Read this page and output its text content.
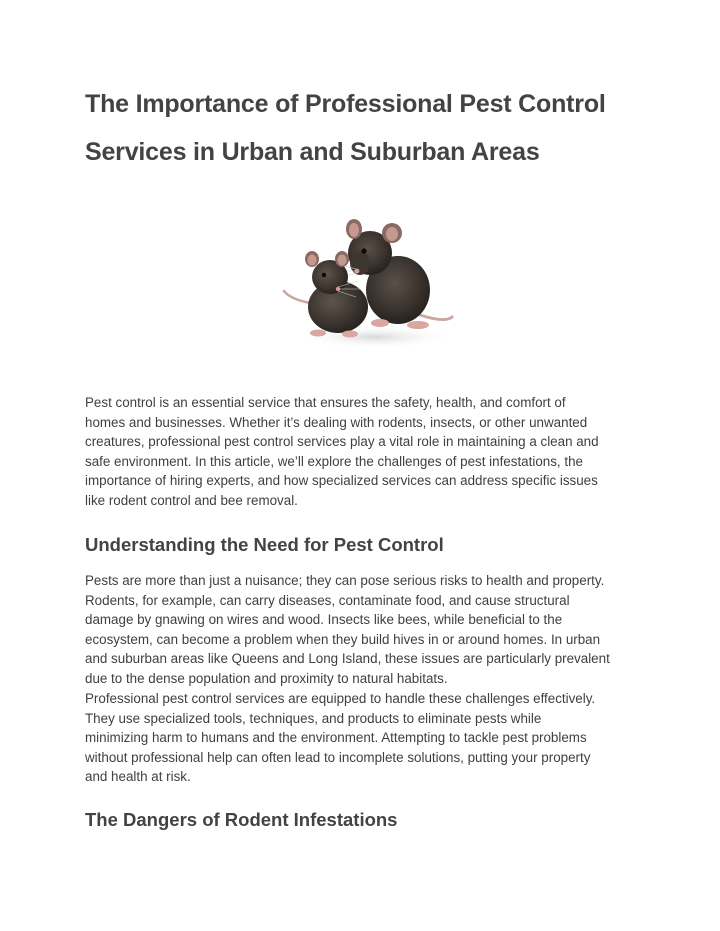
The Importance of Professional Pest Control
Services in Urban and Suburban Areas

Pest control is an essential service that ensures the safety, health, and comfort of
homes and businesses. Whether it’s dealing with rodents, insects, or other unwanted
creatures, professional pest control services play a vital role in maintaining a clean and
safe environment. In this article, we’ll explore the challenges of pest infestations, the
importance of hiring experts, and how specialized services can address specific issues
like rodent control and bee removal.

Understanding the Need for Pest Control

Pests are more than just a nuisance; they can pose serious risks to health and property.
Rodents, for example, can carry diseases, contaminate food, and cause structural
damage by gnawing on wires and wood. Insects like bees, while beneficial to the
ecosystem, can become a problem when they build hives in or around homes. In urban
and suburban areas like Queens and Long Island, these issues are particularly prevalent
due to the dense population and proximity to natural habitats.

Professional pest control services are equipped to handle these challenges effectively.
They use specialized tools, techniques, and products to eliminate pests while
minimizing harm to humans and the environment. Attempting to tackle pest problems
without professional help can often lead to incomplete solutions, putting your property
and health at risk.

The Dangers of Rodent Infestations
